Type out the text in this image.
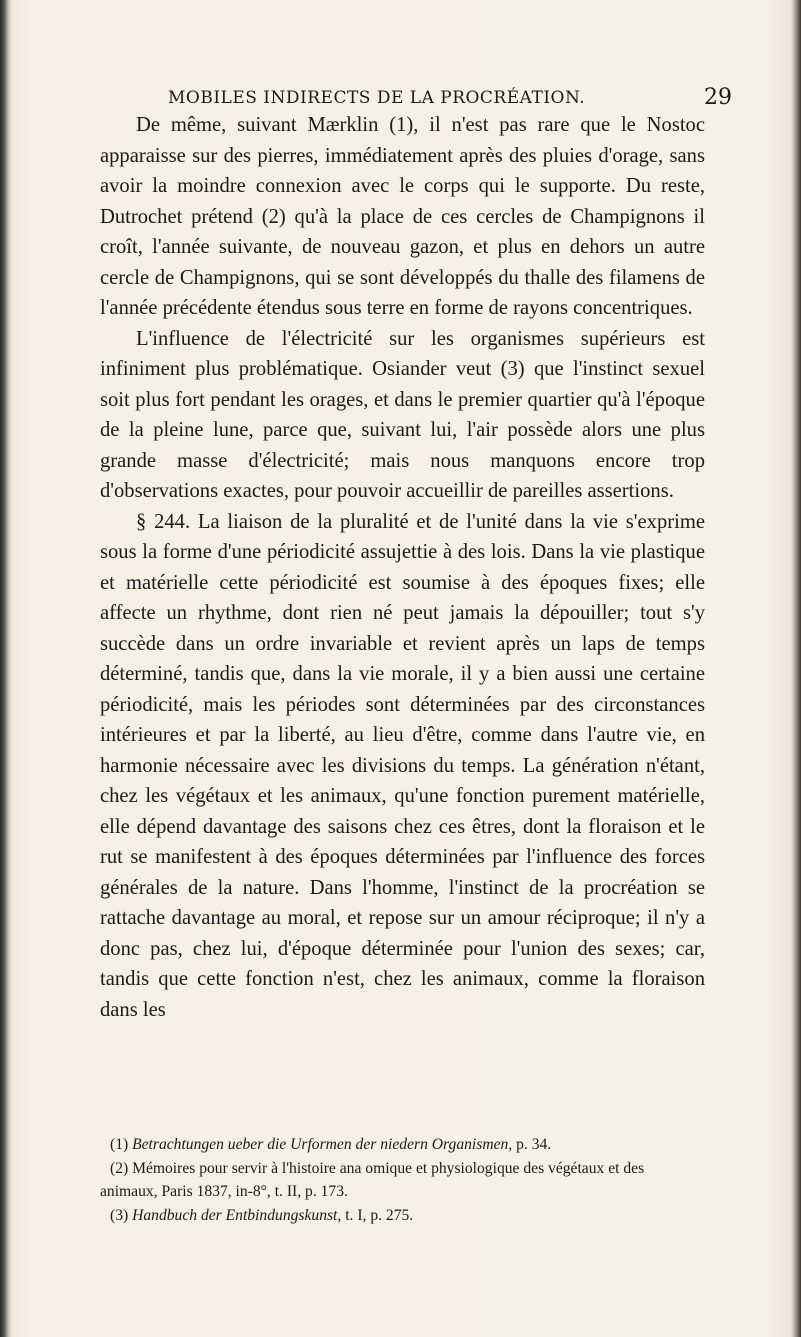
MOBILES INDIRECTS DE LA PROCRÉATION.	29

De même, suivant Mærklin (1), il n'est pas rare que le Nostoc apparaisse sur des pierres, immédiatement après des pluies d'orage, sans avoir la moindre connexion avec le corps qui le supporte. Du reste, Dutrochet prétend (2) qu'à la place de ces cercles de Champignons il croît, l'année suivante, de nouveau gazon, et plus en dehors un autre cercle de Champignons, qui se sont développés du thalle des filamens de l'année précédente étendus sous terre en forme de rayons concentriques.

L'influence de l'électricité sur les organismes supérieurs est infiniment plus problématique. Osiander veut (3) que l'instinct sexuel soit plus fort pendant les orages, et dans le premier quartier qu'à l'époque de la pleine lune, parce que, suivant lui, l'air possède alors une plus grande masse d'électricité; mais nous manquons encore trop d'observations exactes, pour pouvoir accueillir de pareilles assertions.

§ 244. La liaison de la pluralité et de l'unité dans la vie s'exprime sous la forme d'une périodicité assujettie à des lois. Dans la vie plastique et matérielle cette périodicité est soumise à des époques fixes; elle affecte un rhythme, dont rien né peut jamais la dépouiller; tout s'y succède dans un ordre invariable et revient après un laps de temps déterminé, tandis que, dans la vie morale, il y a bien aussi une certaine périodicité, mais les périodes sont déterminées par des circonstances intérieures et par la liberté, au lieu d'être, comme dans l'autre vie, en harmonie nécessaire avec les divisions du temps. La génération n'étant, chez les végétaux et les animaux, qu'une fonction purement matérielle, elle dépend davantage des saisons chez ces êtres, dont la floraison et le rut se manifestent à des époques déterminées par l'influence des forces générales de la nature. Dans l'homme, l'instinct de la procréation se rattache davantage au moral, et repose sur un amour réciproque; il n'y a donc pas, chez lui, d'époque déterminée pour l'union des sexes; car, tandis que cette fonction n'est, chez les animaux, comme la floraison dans les

(1) Betrachtungen ueber die Urformen der niedern Organismen, p. 34.

(2) Mémoires pour servir à l'histoire ana omique et physiologique des végétaux et des animaux, Paris 1837, in-8°, t. II, p. 173.

(3) Handbuch der Entbindungskunst, t. I, p. 275.
